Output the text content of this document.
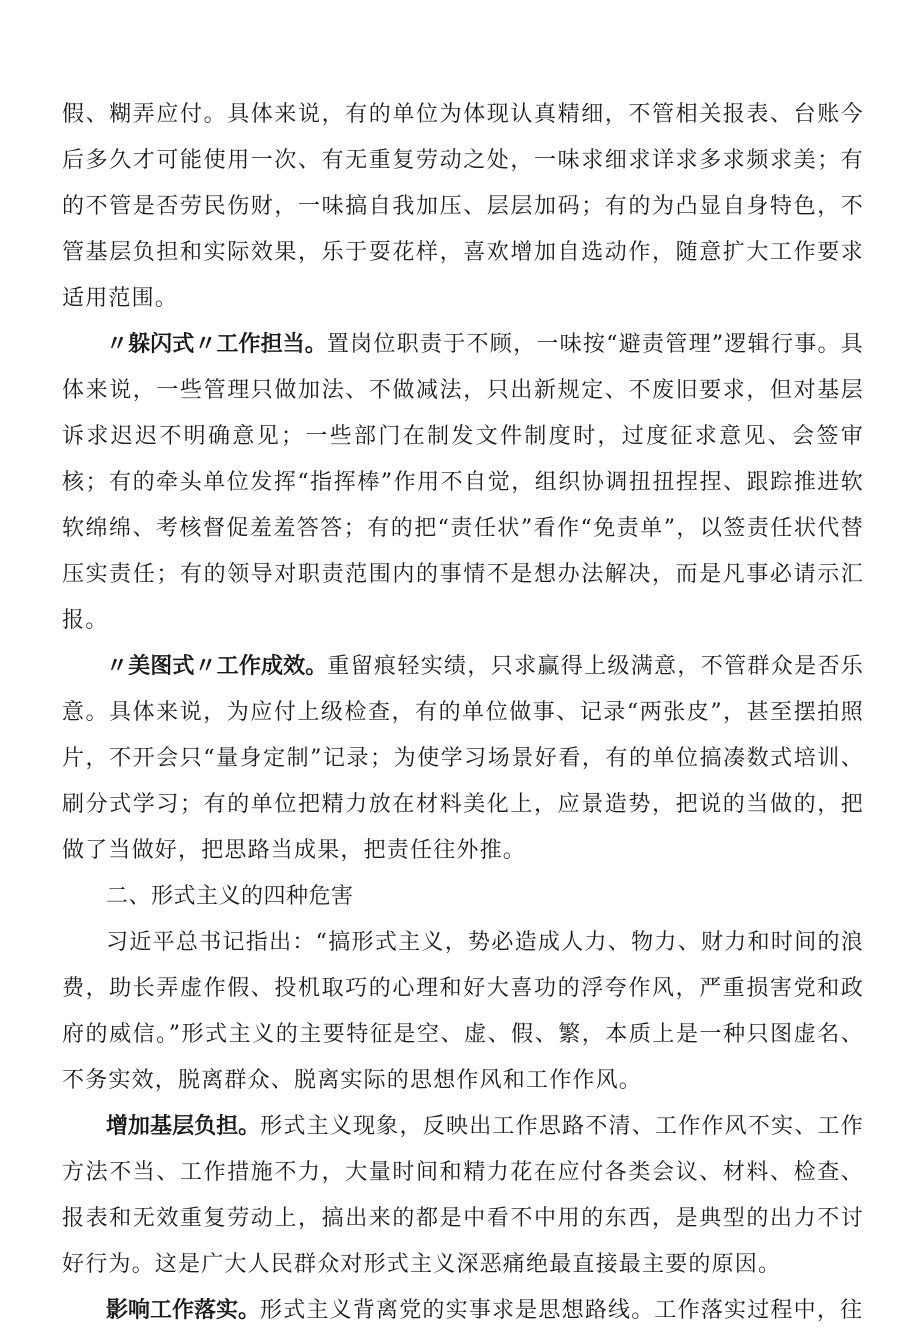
假、糊弄应付。具体来说，有的单位为体现认真精细，不管相关报表、台账今后多久才可能使用一次、有无重复劳动之处，一味求细求详求多求频求美；有的不管是否劳民伤财，一味搞自我加压、层层加码；有的为凸显自身特色，不管基层负担和实际效果，乐于耍花样，喜欢增加自选动作，随意扩大工作要求适用范围。

〃躲闪式〃工作担当。置岗位职责于不顾，一味按“避责管理”逻辑行事。具体来说，一些管理只做加法、不做减法，只出新规定、不废旧要求，但对基层诉求迟迟不明确意见；一些部门在制发文件制度时，过度征求意见、会签审核；有的牵头单位发挥“指挥棒”作用不自觉，组织协调扭扭捏捏、跟踪推进软软绵绵、考核督促羞羞答答；有的把“责任状”看作“免责单”，以签责任状代替压实责任；有的领导对职责范围内的事情不是想办法解决，而是凡事必请示汇报。

〃美图式〃工作成效。重留痕轻实绩，只求赢得上级满意，不管群众是否乐意。具体来说，为应付上级检查，有的单位做事、记录“两张皮”，甚至摆拍照片，不开会只“量身定制”记录；为使学习场景好看，有的单位搞凑数式培训、刷分式学习；有的单位把精力放在材料美化上，应景造势，把说的当做的，把做了当做好，把思路当成果，把责任往外推。

二、形式主义的四种危害

习近平总书记指出：“搞形式主义，势必造成人力、物力、财力和时间的浪费，助长弄虚作假、投机取巧的心理和好大喜功的浮夸作风，严重损害党和政府的威信。”形式主义的主要特征是空、虚、假、繁，本质上是一种只图虚名、不务实效，脱离群众、脱离实际的思想作风和工作作风。

增加基层负担。形式主义现象，反映出工作思路不清、工作作风不实、工作方法不当、工作措施不力，大量时间和精力花在应付各类会议、材料、检查、报表和无效重复劳动上，搞出来的都是中看不中用的东西，是典型的出力不讨好行为。这是广大人民群众对形式主义深恶痛绝最直接最主要的原因。

影响工作落实。形式主义背离党的实事求是思想路线。工作落实过程中，往
